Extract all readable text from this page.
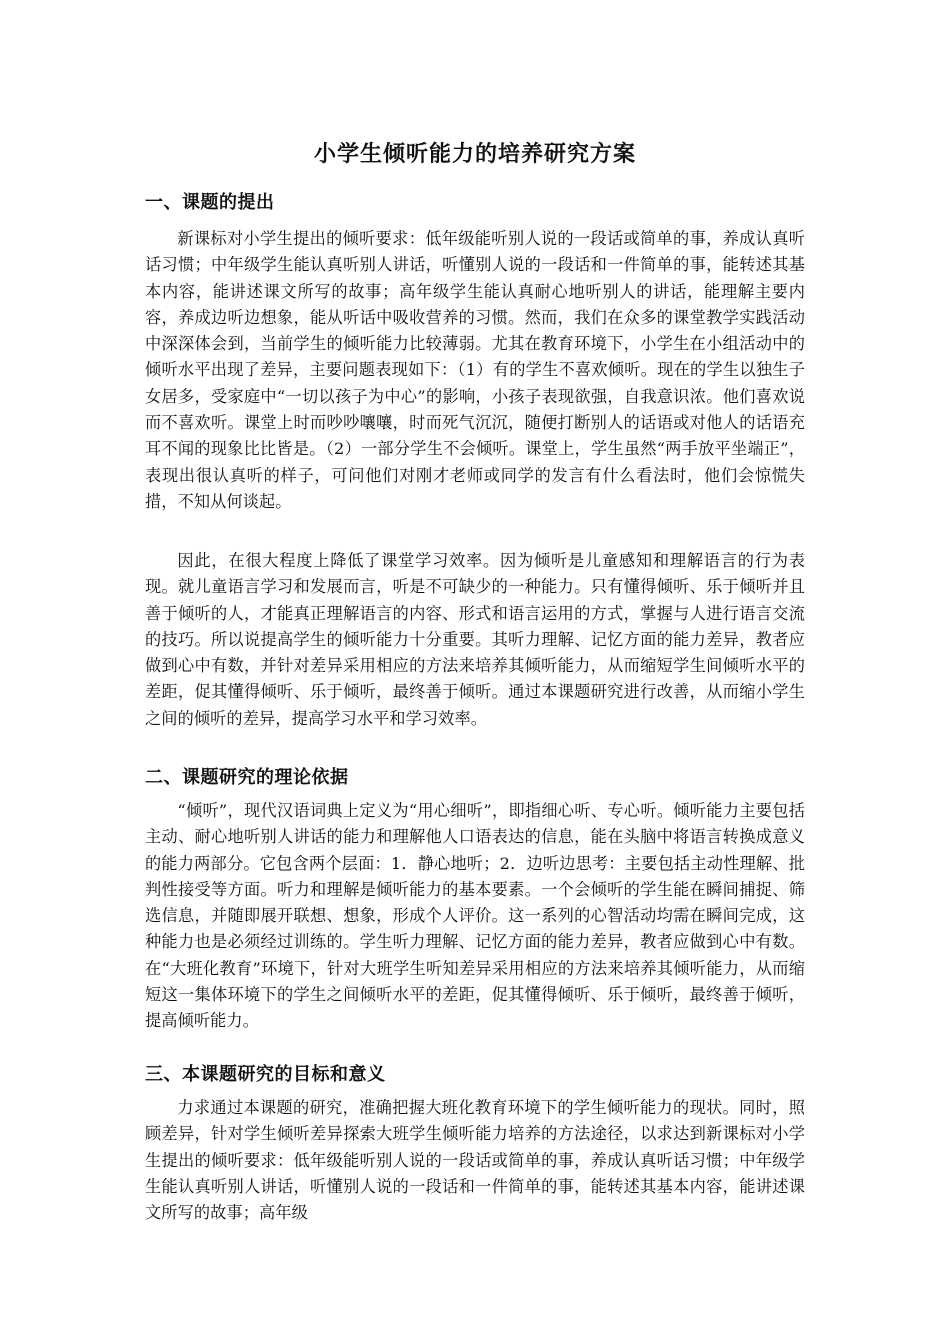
小学生倾听能力的培养研究方案
一、课题的提出

新课标对小学生提出的倾听要求：低年级能听别人说的一段话或简单的事，养成认真听话习惯；中年级学生能认真听别人讲话，听懂别人说的一段话和一件简单的事，能转述其基本内容，能讲述课文所写的故事；高年级学生能认真耐心地听别人的讲话，能理解主要内容，养成边听边想象，能从听话中吸收营养的习惯。然而，我们在众多的课堂教学实践活动中深深体会到，当前学生的倾听能力比较薄弱。尤其在教育环境下，小学生在小组活动中的倾听水平出现了差异，主要问题表现如下：（1）有的学生不喜欢倾听。现在的学生以独生子女居多，受家庭中“一切以孩子为中心”的影响，小孩子表现欲强，自我意识浓。他们喜欢说而不喜欢听。课堂上时而吵吵嚷嚷，时而死气沉沉，随便打断别人的话语或对他人的话语充耳不闻的现象比比皆是。（2）一部分学生不会倾听。课堂上，学生虽然“两手放平坐端正”，表现出很认真听的样子，可问他们对刚才老师或同学的发言有什么看法时，他们会惊慌失措，不知从何谈起。

因此，在很大程度上降低了课堂学习效率。因为倾听是儿童感知和理解语言的行为表现。就儿童语言学习和发展而言，听是不可缺少的一种能力。只有懂得倾听、乐于倾听并且善于倾听的人，才能真正理解语言的内容、形式和语言运用的方式，掌握与人进行语言交流的技巧。所以说提高学生的倾听能力十分重要。其听力理解、记忆方面的能力差异，教者应做到心中有数，并针对差异采用相应的方法来培养其倾听能力，从而缩短学生间倾听水平的差距，促其懂得倾听、乐于倾听，最终善于倾听。通过本课题研究进行改善，从而缩小学生之间的倾听的差异，提高学习水平和学习效率。

二、课题研究的理论依据

“倾听”，现代汉语词典上定义为“用心细听”，即指细心听、专心听。倾听能力主要包括主动、耐心地听别人讲话的能力和理解他人口语表达的信息，能在头脑中将语言转换成意义的能力两部分。它包含两个层面：1．静心地听；2．边听边思考：主要包括主动性理解、批判性接受等方面。听力和理解是倾听能力的基本要素。一个会倾听的学生能在瞬间捕捉、筛选信息，并随即展开联想、想象，形成个人评价。这一系列的心智活动均需在瞬间完成，这种能力也是必须经过训练的。学生听力理解、记忆方面的能力差异，教者应做到心中有数。在“大班化教育”环境下，针对大班学生听知差异采用相应的方法来培养其倾听能力，从而缩短这一集体环境下的学生之间倾听水平的差距，促其懂得倾听、乐于倾听，最终善于倾听，提高倾听能力。

三、本课题研究的目标和意义

力求通过本课题的研究，准确把握大班化教育环境下的学生倾听能力的现状。同时，照顾差异，针对学生倾听差异探索大班学生倾听能力培养的方法途径，以求达到新课标对小学生提出的倾听要求：低年级能听别人说的一段话或简单的事，养成认真听话习惯；中年级学生能认真听别人讲话，听懂别人说的一段话和一件简单的事，能转述其基本内容，能讲述课文所写的故事；高年级
